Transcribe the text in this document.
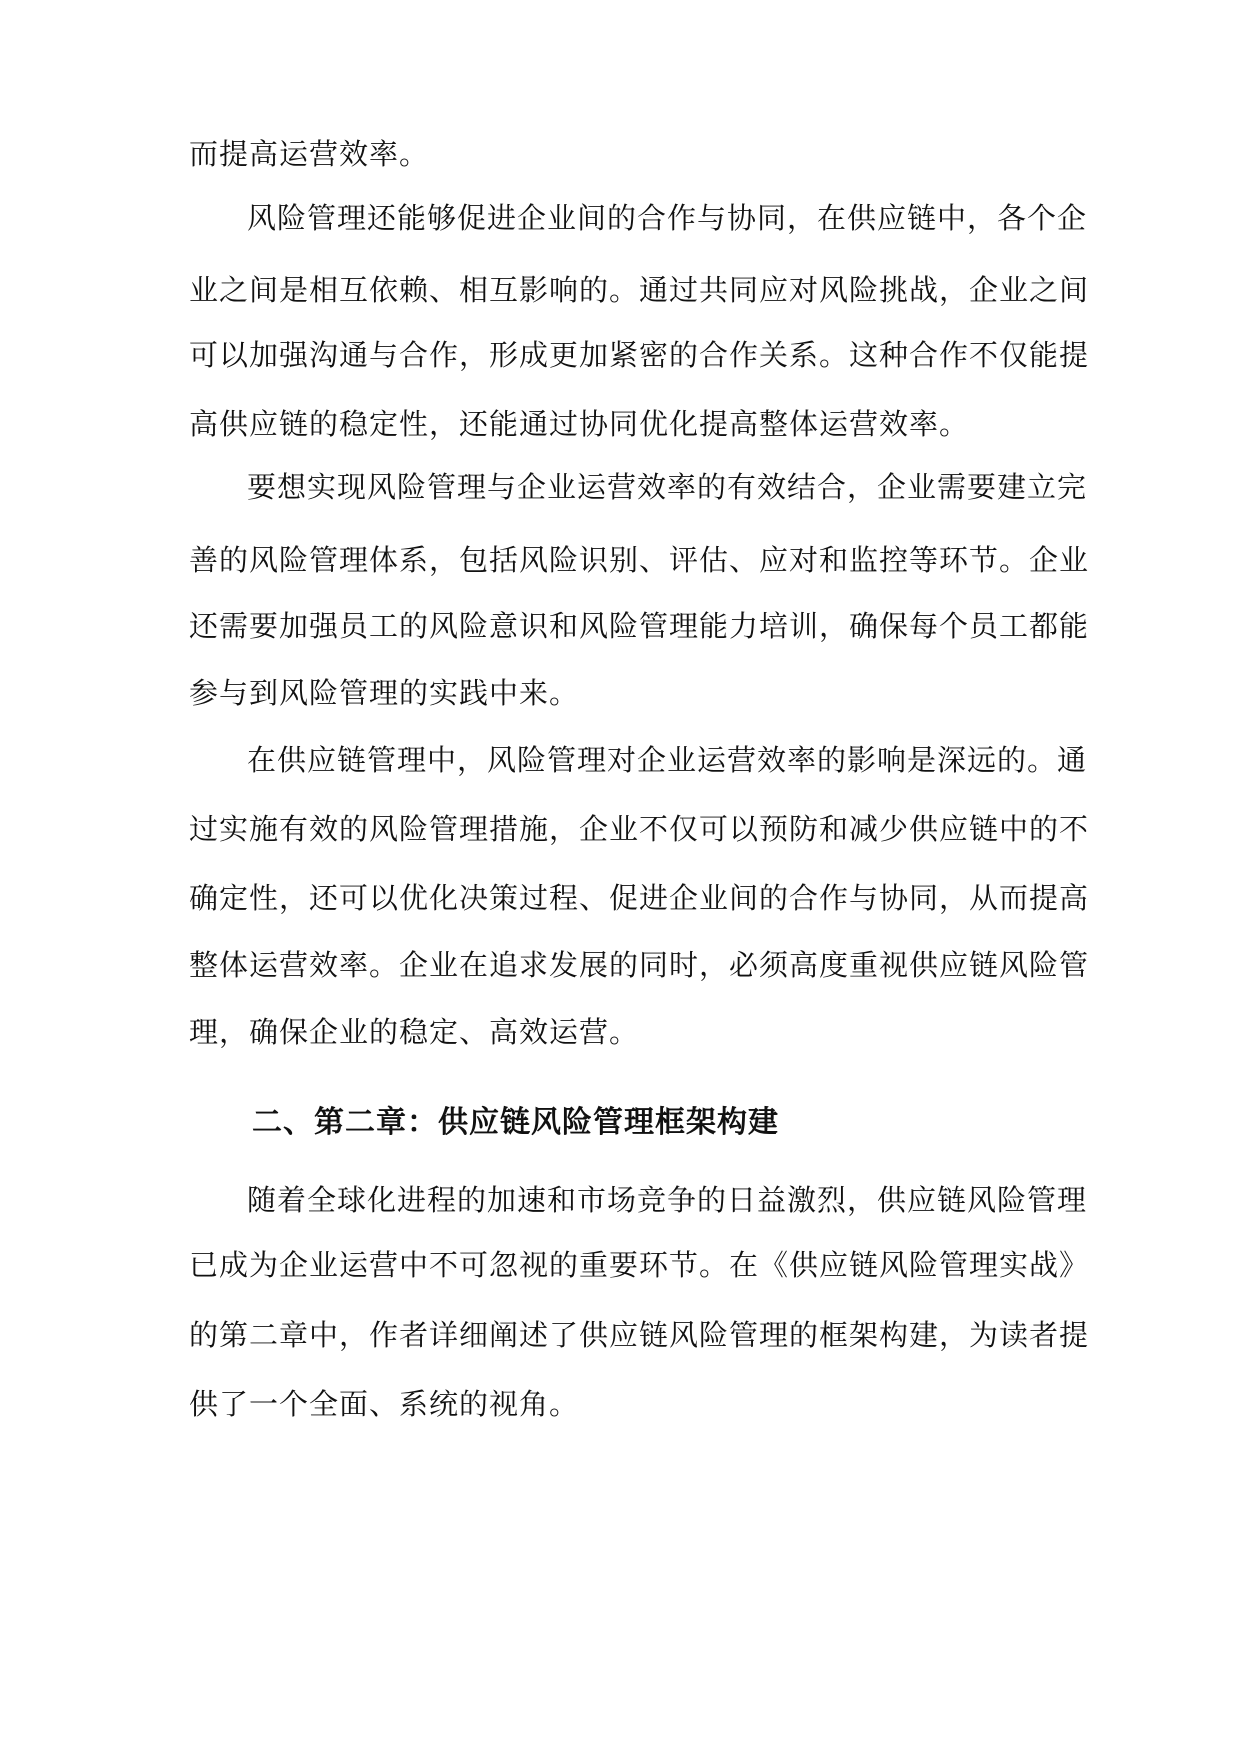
而提高运营效率。
风险管理还能够促进企业间的合作与协同，在供应链中，各个企
业之间是相互依赖、相互影响的。通过共同应对风险挑战，企业之间
可以加强沟通与合作，形成更加紧密的合作关系。这种合作不仅能提
高供应链的稳定性，还能通过协同优化提高整体运营效率。
要想实现风险管理与企业运营效率的有效结合，企业需要建立完
善的风险管理体系，包括风险识别、评估、应对和监控等环节。企业
还需要加强员工的风险意识和风险管理能力培训，确保每个员工都能
参与到风险管理的实践中来。
在供应链管理中，风险管理对企业运营效率的影响是深远的。通
过实施有效的风险管理措施，企业不仅可以预防和减少供应链中的不
确定性，还可以优化决策过程、促进企业间的合作与协同，从而提高
整体运营效率。企业在追求发展的同时，必须高度重视供应链风险管
理，确保企业的稳定、高效运营。
二、第二章：供应链风险管理框架构建
随着全球化进程的加速和市场竞争的日益激烈，供应链风险管理
已成为企业运营中不可忽视的重要环节。在《供应链风险管理实战》
的第二章中，作者详细阐述了供应链风险管理的框架构建，为读者提
供了一个全面、系统的视角。
